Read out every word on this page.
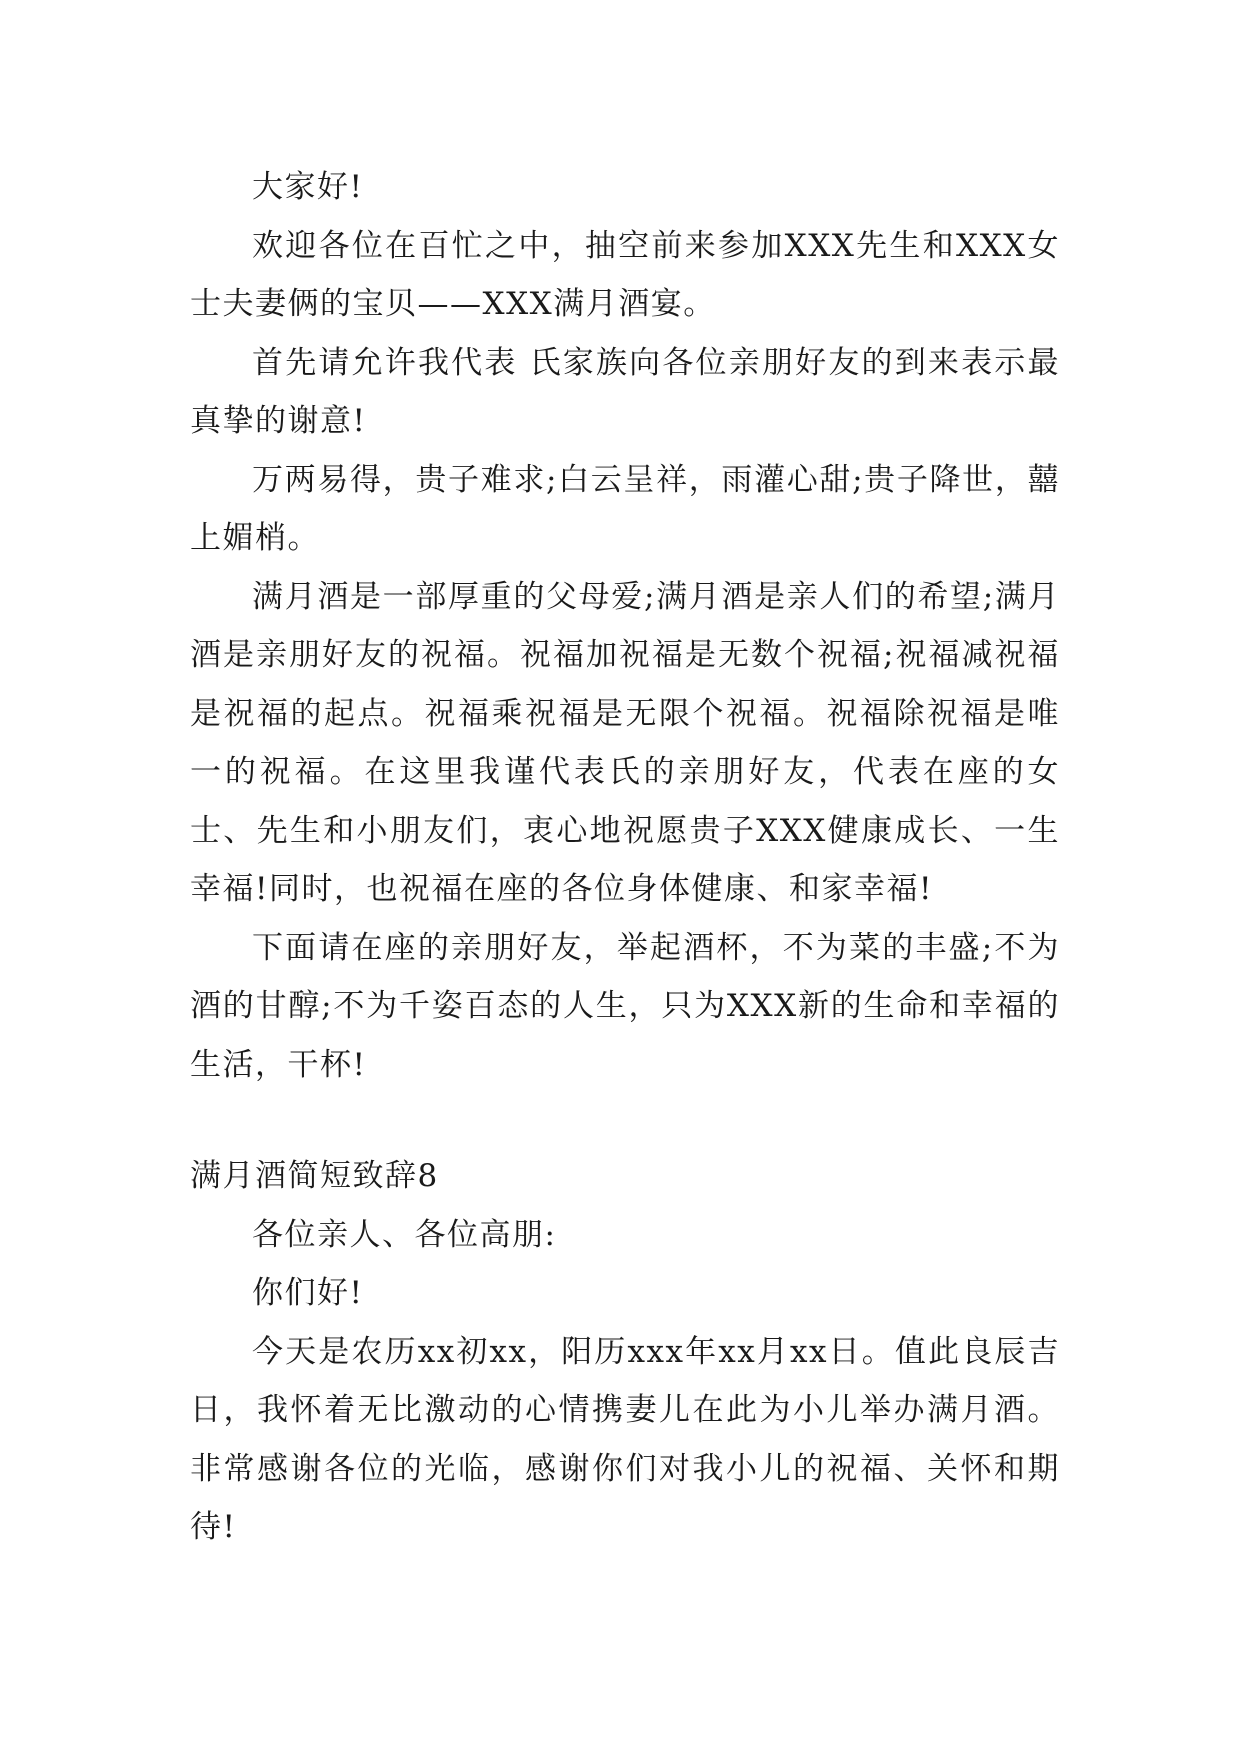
大家好!

欢迎各位在百忙之中，抽空前来参加XXX先生和XXX女士夫妻俩的宝贝——XXX满月酒宴。

首先请允许我代表 氏家族向各位亲朋好友的到来表示最真挚的谢意!

万两易得，贵子难求;白云呈祥，雨灌心甜;贵子降世，囍上媚梢。

满月酒是一部厚重的父母爱;满月酒是亲人们的希望;满月酒是亲朋好友的祝福。祝福加祝福是无数个祝福;祝福减祝福是祝福的起点。祝福乘祝福是无限个祝福。祝福除祝福是唯一的祝福。在这里我谨代表氏的亲朋好友，代表在座的女士、先生和小朋友们，衷心地祝愿贵子XXX健康成长、一生幸福!同时，也祝福在座的各位身体健康、和家幸福!

下面请在座的亲朋好友，举起酒杯，不为菜的丰盛;不为酒的甘醇;不为千姿百态的人生，只为XXX新的生命和幸福的生活，干杯!

满月酒简短致辞8

各位亲人、各位高朋:

你们好!

今天是农历xx初xx，阳历xxx年xx月xx日。值此良辰吉日，我怀着无比激动的心情携妻儿在此为小儿举办满月酒。非常感谢各位的光临，感谢你们对我小儿的祝福、关怀和期待!
